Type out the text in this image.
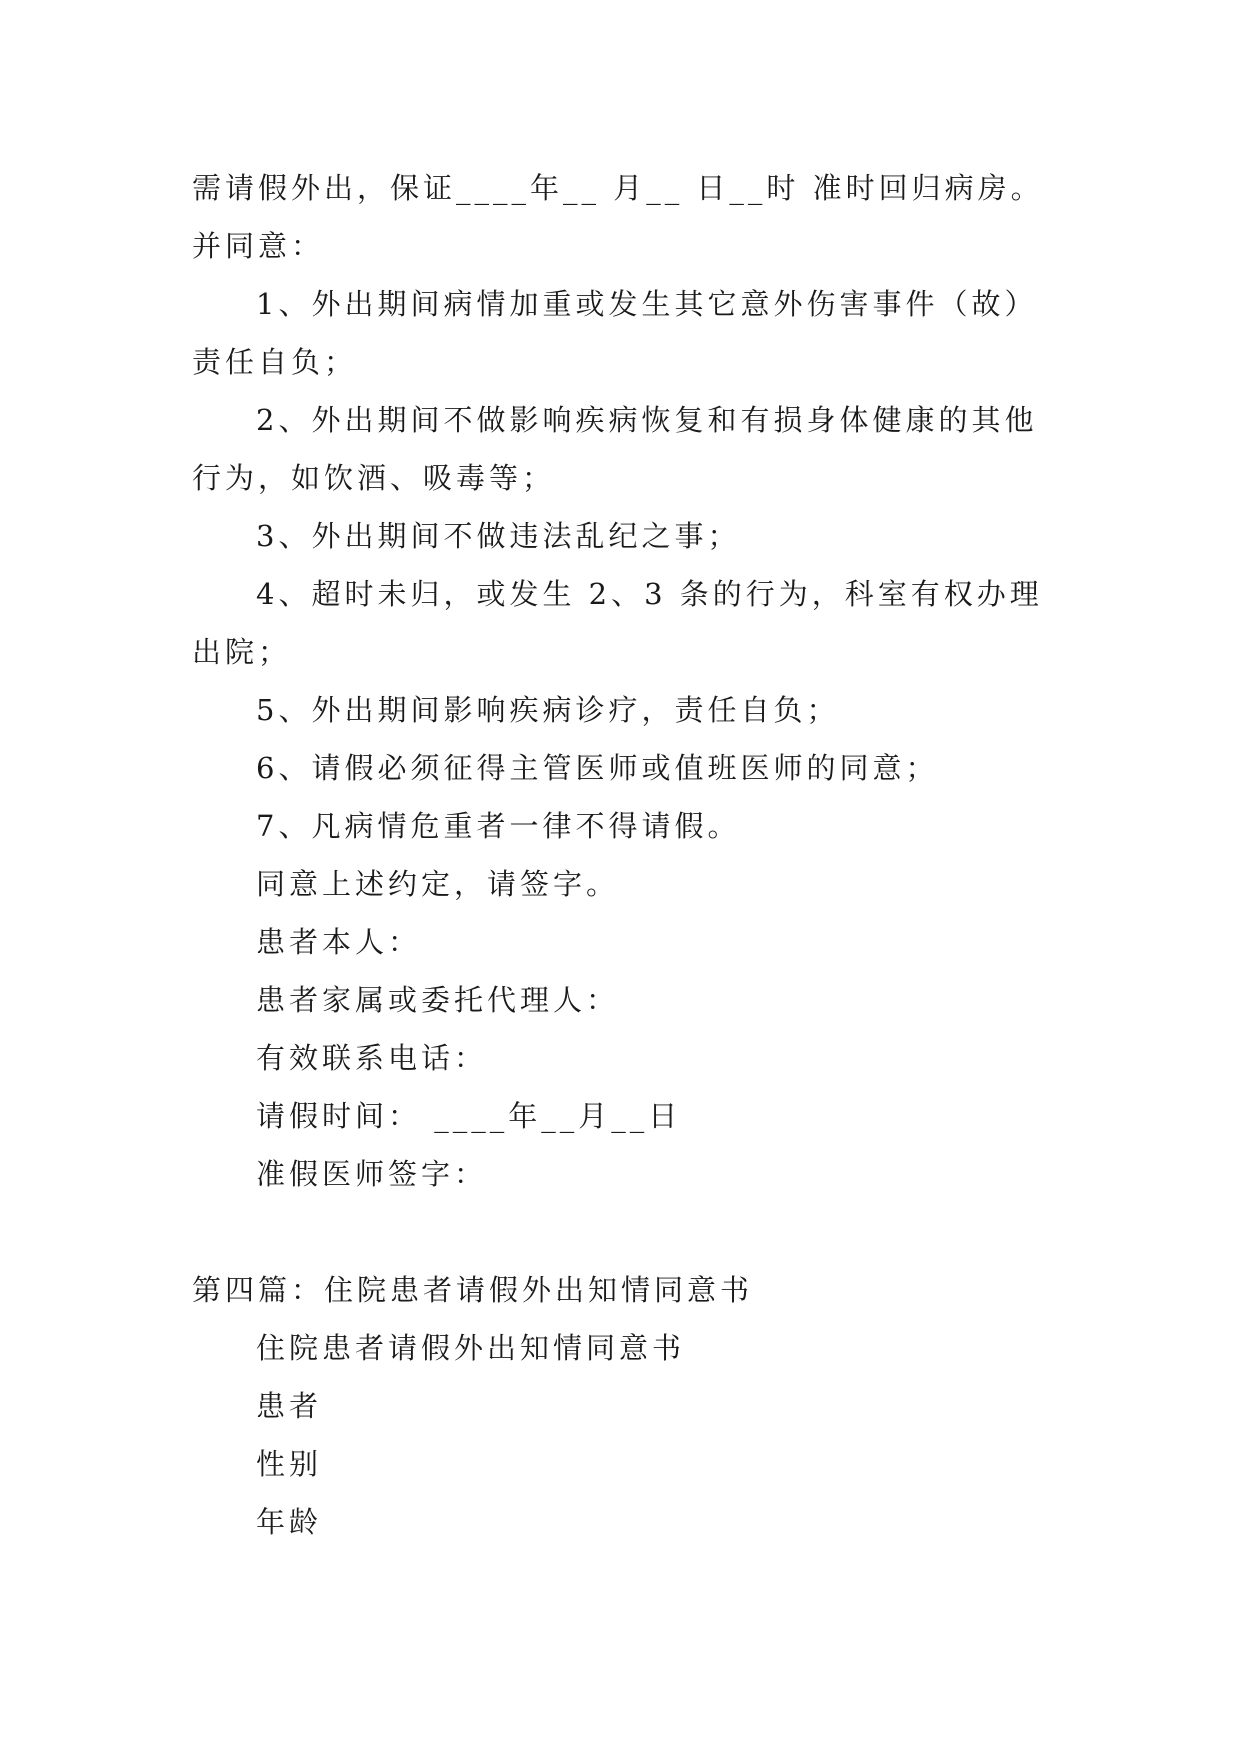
需请假外出，保证____年__ 月__ 日__时 准时回归病房。
并同意：
1、外出期间病情加重或发生其它意外伤害事件（故）
责任自负；
2、外出期间不做影响疾病恢复和有损身体健康的其他
行为，如饮酒、吸毒等；
3、外出期间不做违法乱纪之事；
4、超时未归，或发生 2、3 条的行为，科室有权办理
出院；
5、外出期间影响疾病诊疗，责任自负；
6、请假必须征得主管医师或值班医师的同意；
7、凡病情危重者一律不得请假。
同意上述约定，请签字。
患者本人：
患者家属或委托代理人：
有效联系电话：
请假时间： ____年__月__日
准假医师签字：
第四篇：住院患者请假外出知情同意书
住院患者请假外出知情同意书
患者
性别
年龄
